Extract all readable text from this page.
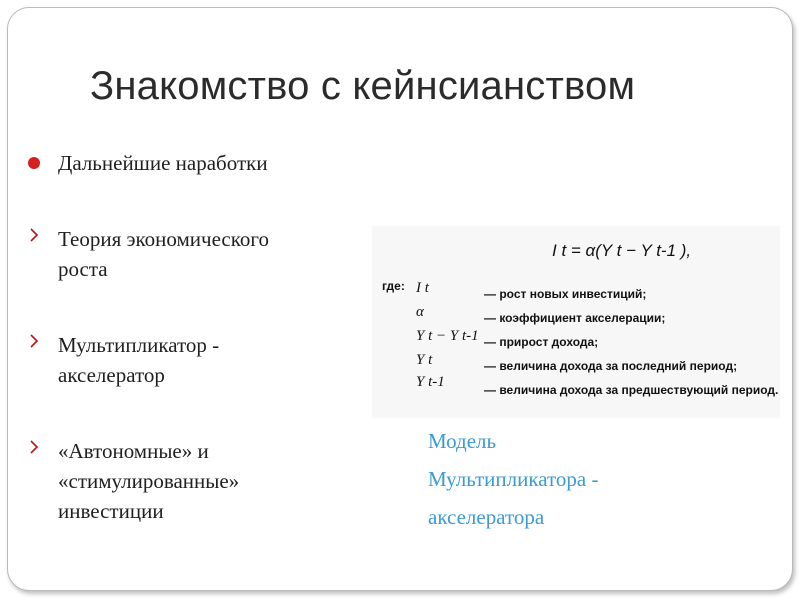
Знакомство с кейнсианством
Дальнейшие наработки
Теория экономического
роста
Мультипликатор -
акселератор
«Автономные» и
«стимулированные»
инвестиции
I t = α(Y t − Y t-1 ),
где: I t	— рост новых инвестиций;
α	— коэффициент акселерации;
Y t − Y t-1 — прирост дохода;
Y t	— величина дохода за последний период;
Y t-1	— величина дохода за предшествующий период.
Модель
Мультипликатора -
акселератора
